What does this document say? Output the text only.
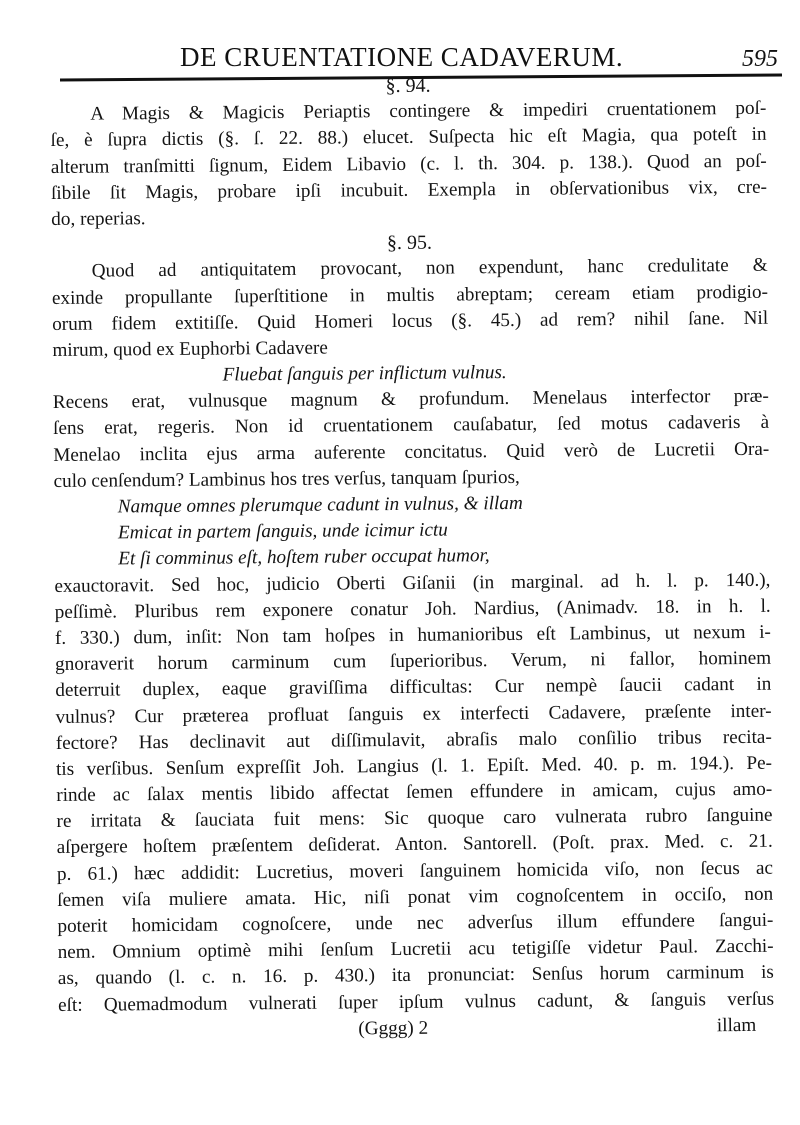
DE CRUENTATIONE CADAVERUM.	595
§. 94.
A Magis & Magicis Periaptis contingere & impediri cruentationem poſ-
ſe, è ſupra dictis (§. ſ. 22. 88.) elucet. Suſpecta hic eſt Magia, qua poteſt in
alterum tranſmitti ſignum, Eidem Libavio (c. l. th. 304. p. 138.). Quod an poſ-
ſibile ſit Magis, probare ipſi incubuit. Exempla in obſervationibus vix, cre-
do, reperias.
§. 95.
Quod ad antiquitatem provocant, non expendunt, hanc credulitate &
exinde propullante ſuperſtitione in multis abreptam; ceream etiam prodigio-
orum fidem extitiſſe. Quid Homeri locus (§. 45.) ad rem? nihil ſane. Nil
mirum, quod ex Euphorbi Cadavere
Fluebat ſanguis per inflictum vulnus.
Recens erat, vulnusque magnum & profundum. Menelaus interfector præ-
ſens erat, regeris. Non id cruentationem cauſabatur, ſed motus cadaveris à
Menelao inclita ejus arma auferente concitatus. Quid verò de Lucretii Ora-
culo cenſendum? Lambinus hos tres verſus, tanquam ſpurios,
Namque omnes plerumque cadunt in vulnus, & illam
Emicat in partem ſanguis, unde icimur ictu
Et ſi comminus eſt, hoſtem ruber occupat humor,
exauctoravit. Sed hoc, judicio Oberti Giſanii (in marginal. ad h. l. p. 140.),
peſſimè. Pluribus rem exponere conatur Joh. Nardius, (Animadv. 18. in h. l.
f. 330.) dum, inſit: Non tam hoſpes in humanioribus eſt Lambinus, ut nexum i-
gnoraverit horum carminum cum ſuperioribus. Verum, ni fallor, hominem
deterruit duplex, eaque graviſſima difficultas: Cur nempè ſaucii cadant in
vulnus? Cur præterea profluat ſanguis ex interfecti Cadavere, præſente inter-
fectore? Has declinavit aut diſſimulavit, abraſis malo conſilio tribus recita-
tis verſibus. Senſum expreſſit Joh. Langius (l. 1. Epiſt. Med. 40. p. m. 194.). Pe-
rinde ac ſalax mentis libido affectat ſemen effundere in amicam, cujus amo-
re irritata & ſauciata fuit mens: Sic quoque caro vulnerata rubro ſanguine
aſpergere hoſtem præſentem deſiderat. Anton. Santorell. (Poſt. prax. Med. c. 21.
p. 61.) hæc addidit: Lucretius, moveri ſanguinem homicida viſo, non ſecus ac
ſemen viſa muliere amata. Hic, niſi ponat vim cognoſcentem in occiſo, non
poterit homicidam cognoſcere, unde nec adverſus illum effundere ſangui-
nem. Omnium optimè mihi ſenſum Lucretii acu tetigiſſe videtur Paul. Zacchi-
as, quando (l. c. n. 16. p. 430.) ita pronunciat: Senſus horum carminum is
eſt: Quemadmodum vulnerati ſuper ipſum vulnus cadunt, & ſanguis verſus
(Gggg) 2	illam
